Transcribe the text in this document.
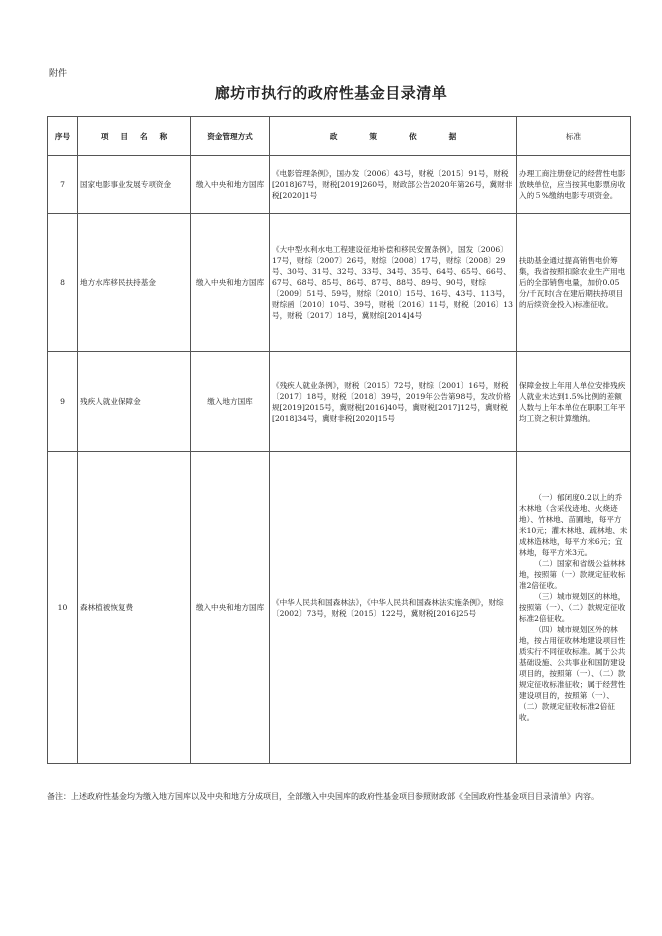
附件
廊坊市执行的政府性基金目录清单
序号	项 目 名 称	资金管理方式	政 策 依 据	标准
7	国家电影事业发展专项资金	缴入中央和地方国库	《电影管理条例》，国办发〔2006〕43号，财税〔2015〕91号，财税[2018]67号，财税[2019]260号，财政部公告2020年第26号，冀财非税[2020]1号	办理工商注册登记的经营性电影放映单位，应当按其电影票房收入的５%缴纳电影专项资金。
8	地方水库移民扶持基金	缴入中央和地方国库	《大中型水利水电工程建设征地补偿和移民安置条例》，国发〔2006〕17号，财综〔2007〕26号，财综〔2008〕17号，财综〔2008〕29号、30号、31号、32号、33号、34号、35号、64号、65号、66号、67号、68号、85号、86号、87号、88号、89号、90号，财综〔2009〕51号、59号，财综〔2010〕15号、16号、43号、113号，财综函〔2010〕10号、39号，财税〔2016〕11号，财税〔2016〕13号，财税〔2017〕18号，冀财综[2014]4号	扶助基金通过提高销售电价筹集，我省按照扣除农业生产用电后的全部销售电量，加价0.05分/千瓦时(含在建后期扶持项目的后续资金投入)标准征收。
9	残疾人就业保障金	缴入地方国库	《残疾人就业条例》，财税〔2015〕72号，财综〔2001〕16号，财税〔2017〕18号，财税〔2018〕39号，2019年公告第98号，发改价格规[2019]2015号，冀财税[2016]40号，冀财税[2017]12号，冀财税[2018]34号，冀财非税[2020]15号	保障金按上年用人单位安排残疾人就业未达到1.5%比例的差额人数与上年本单位在职职工年平均工资之积计算缴纳。
10	森林植被恢复费	缴入中央和地方国库	《中华人民共和国森林法》，《中华人民共和国森林法实施条例》，财综〔2002〕73号，财税〔2015〕122号，冀财税[2016]25号	（一）郁闭度0.2以上的乔木林地（含采伐迹地、火烧迹地）、竹林地、苗圃地，每平方米10元；灌木林地、疏林地、未成林造林地，每平方米6元；宜林地，每平方米3元。

（二）国家和省级公益林林地，按照第（一）款规定征收标准2倍征收。

（三）城市规划区的林地，按照第（一）、（二）款规定征收标准2倍征收。

（四）城市规划区外的林地，按占用征收林地建设项目性质实行不同征收标准。属于公共基础设施、公共事业和国防建设项目的，按照第（一）、（二）款规定征收标准征收；属于经营性建设项目的，按照第（一）、（二）款规定征收标准2倍征收。

备注：上述政府性基金均为缴入地方国库以及中央和地方分成项目，全部缴入中央国库的政府性基金项目参照财政部《全国政府性基金项目目录清单》内容。
